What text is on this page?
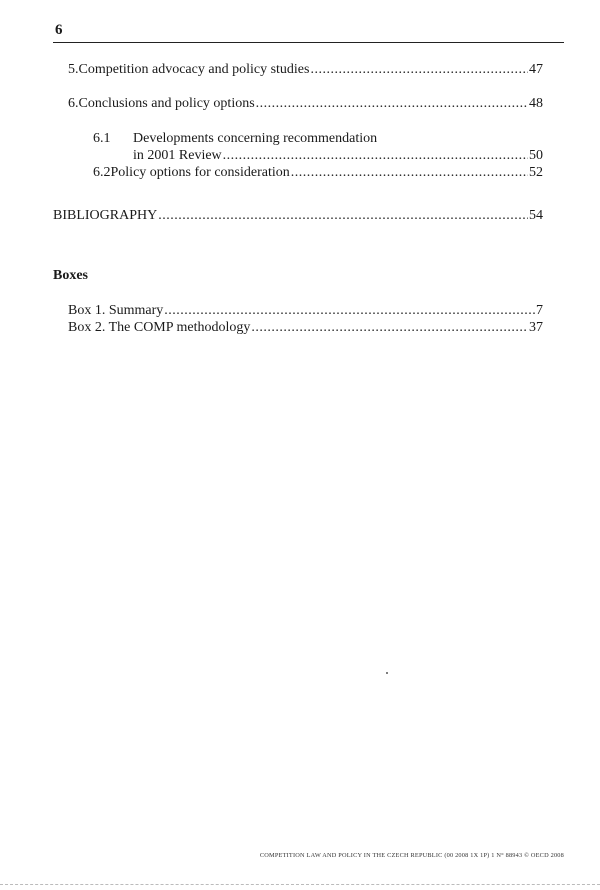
6
5. Competition advocacy and policy studies .....	47
6. Conclusions and policy options .....	48
6.1 Developments concerning recommendation
in 2001 Review .....	50
6.2 Policy options for consideration .....	52
BIBLIOGRAPHY .....	54
Boxes
Box 1. Summary .....	7
Box 2. The COMP methodology .....	37
COMPETITION LAW AND POLICY IN THE CZECH REPUBLIC (00 2008 1X 1P) 1 N° 88943 © OECD 2008
